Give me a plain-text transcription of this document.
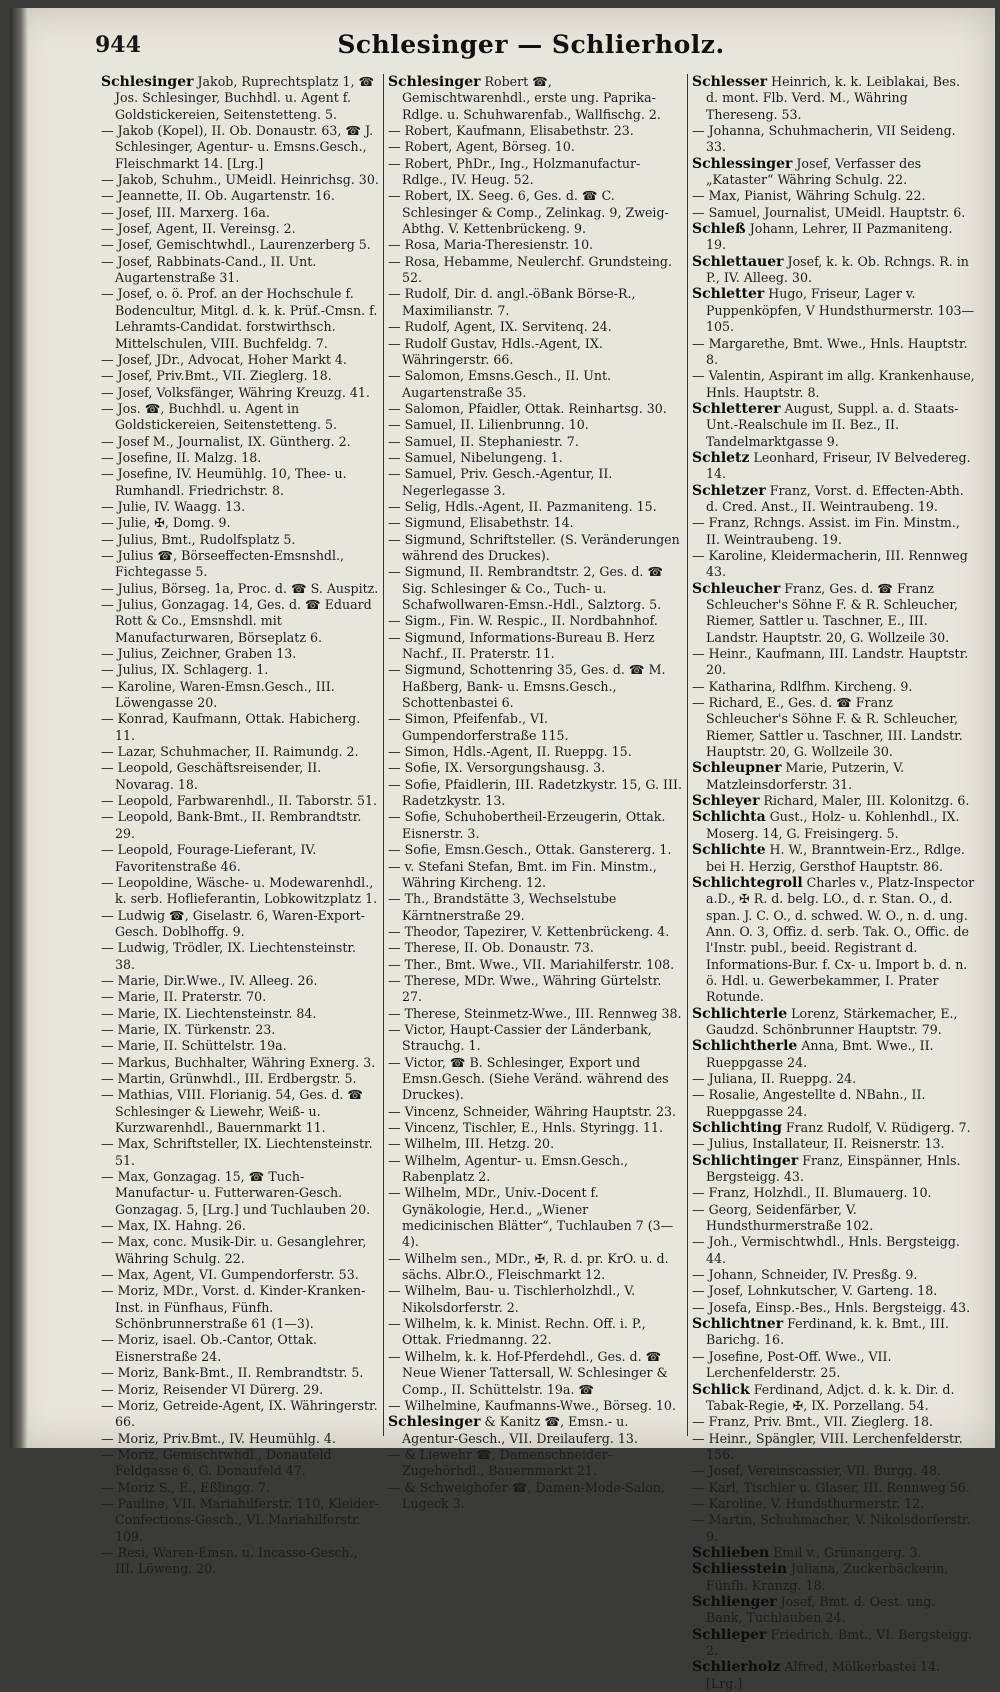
944	Schlesinger — Schlierholz.
Schlesinger Jakob, Ruprechtsplatz 1, ☎ Jos. Schlesinger, Buchhdl. u. Agent f. Goldstickereien, Seitenstetteng. 5.
— Jakob (Kopel), II. Ob. Donaustr. 63, ☎ J. Schlesinger, Agentur- u. Emsns.Gesch., Fleischmarkt 14. [Lrg.]
— Jakob, Schuhm., UMeidl. Heinrichsg. 30.
— Jeannette, II. Ob. Augartenstr. 16.
— Josef, III. Marxerg. 16a.
— Josef, Agent, II. Vereinsg. 2.
— Josef, Gemischtwhdl., Laurenzerberg 5.
— Josef, Rabbinats-Cand., II. Unt. Augartenstraße 31.
— Josef, o. ö. Prof. an der Hochschule f. Bodencultur, Mitgl. d. k. k. Prüf.-Cmsn. f. Lehramts-Candidat. forstwirthsch. Mittelschulen, VIII. Buchfeldg. 7.
— Josef, JDr., Advocat, Hoher Markt 4.
— Josef, Priv.Bmt., VII. Zieglerg. 18.
— Josef, Volksfänger, Währing Kreuzg. 41.
— Jos. ☎, Buchhdl. u. Agent in Goldstickereien, Seitenstetteng. 5.
— Josef M., Journalist, IX. Güntherg. 2.
— Josefine, II. Malzg. 18.
— Josefine, IV. Heumühlg. 10, Thee- u. Rumhandl. Friedrichstr. 8.
— Julie, IV. Waagg. 13.
— Julie, ✠, Domg. 9.
— Julius, Bmt., Rudolfsplatz 5.
— Julius ☎, Börseeffecten-Emsnshdl., Fichtegasse 5.
— Julius, Börseg. 1a, Proc. d. ☎ S. Auspitz.
— Julius, Gonzagag. 14, Ges. d. ☎ Eduard Rott & Co., Emsnshdl. mit Manufacturwaren, Börseplatz 6.
— Julius, Zeichner, Graben 13.
— Julius, IX. Schlagerg. 1.
— Karoline, Waren-Emsn.Gesch., III. Löwengasse 20.
— Konrad, Kaufmann, Ottak. Habicherg. 11.
— Lazar, Schuhmacher, II. Raimundg. 2.
— Leopold, Geschäftsreisender, II. Novarag. 18.
— Leopold, Farbwarenhdl., II. Taborstr. 51.
— Leopold, Bank-Bmt., II. Rembrandtstr. 29.
— Leopold, Fourage-Lieferant, IV. Favoritenstraße 46.
— Leopoldine, Wäsche- u. Modewarenhdl., k. serb. Hoflieferantin, Lobkowitzplatz 1.
— Ludwig ☎, Giselastr. 6, Waren-Export-Gesch. Doblhoffg. 9.
— Ludwig, Trödler, IX. Liechtensteinstr. 38.
— Marie, Dir.Wwe., IV. Alleeg. 26.
— Marie, II. Praterstr. 70.
— Marie, IX. Liechtensteinstr. 84.
— Marie, IX. Türkenstr. 23.
— Marie, II. Schüttelstr. 19a.
— Markus, Buchhalter, Währing Exnerg. 3.
— Martin, Grünwhdl., III. Erdbergstr. 5.
— Mathias, VIII. Florianig. 54, Ges. d. ☎ Schlesinger & Liewehr, Weiß- u. Kurzwarenhdl., Bauernmarkt 11.
— Max, Schriftsteller, IX. Liechtensteinstr. 51.
— Max, Gonzagag. 15, ☎ Tuch-Manufactur- u. Futterwaren-Gesch. Gonzagag. 5, [Lrg.] und Tuchlauben 20.
— Max, IX. Hahng. 26.
— Max, conc. Musik-Dir. u. Gesanglehrer, Währing Schulg. 22.
— Max, Agent, VI. Gumpendorferstr. 53.
— Moriz, MDr., Vorst. d. Kinder-Kranken-Inst. in Fünfhaus, Fünfh. Schönbrunnerstraße 61 (1—3).
— Moriz, isael. Ob.-Cantor, Ottak. Eisnerstraße 24.
— Moriz, Bank-Bmt., II. Rembrandtstr. 5.
— Moriz, Reisender VI Dürerg. 29.
— Moriz, Getreide-Agent, IX. Währingerstr. 66.
— Moriz, Priv.Bmt., IV. Heumühlg. 4.
— Moriz, Gemischtwhdl., Donaufeld Feldgasse 6, G. Donaufeld 47.
— Moriz S., E., Eßlingg. 7.
— Pauline, VII. Mariahilferstr. 110, Kleider-Confections-Gesch., VI. Mariahilferstr. 109.
— Resi, Waren-Emsn. u. Incasso-Gesch., III. Löweng. 20.
Schlesinger Robert ☎, Gemischtwarenhdl., erste ung. Paprika-Rdlge. u. Schuhwarenfab., Wallfischg. 2.
— Robert, Kaufmann, Elisabethstr. 23.
— Robert, Agent, Börseg. 10.
— Robert, PhDr., Ing., Holzmanufactur-Rdlge., IV. Heug. 52.
— Robert, IX. Seeg. 6, Ges. d. ☎ C. Schlesinger & Comp., Zelinkag. 9, Zweig-Abthg. V. Kettenbrückeng. 9.
— Rosa, Maria-Theresienstr. 10.
— Rosa, Hebamme, Neulerchf. Grundsteing. 52.
— Rudolf, Dir. d. angl.-öBank Börse-R., Maximilianstr. 7.
— Rudolf, Agent, IX. Servitenq. 24.
— Rudolf Gustav, Hdls.-Agent, IX. Währingerstr. 66.
— Salomon, Emsns.Gesch., II. Unt. Augartenstraße 35.
— Salomon, Pfaidler, Ottak. Reinhartsg. 30.
— Samuel, II. Lilienbrunng. 10.
— Samuel, II. Stephaniestr. 7.
— Samuel, Nibelungeng. 1.
— Samuel, Priv. Gesch.-Agentur, II. Negerlegasse 3.
— Selig, Hdls.-Agent, II. Pazmaniteng. 15.
— Sigmund, Elisabethstr. 14.
— Sigmund, Schriftsteller. (S. Veränderungen während des Druckes).
— Sigmund, II. Rembrandtstr. 2, Ges. d. ☎ Sig. Schlesinger & Co., Tuch- u. Schafwollwaren-Emsn.-Hdl., Salztorg. 5.
— Sigm., Fin. W. Respic., II. Nordbahnhof.
— Sigmund, Informations-Bureau B. Herz Nachf., II. Praterstr. 11.
— Sigmund, Schottenring 35, Ges. d. ☎ M. Haßberg, Bank- u. Emsns.Gesch., Schottenbastei 6.
— Simon, Pfeifenfab., VI. Gumpendorferstraße 115.
— Simon, Hdls.-Agent, II. Rueppg. 15.
— Sofie, IX. Versorgungshausg. 3.
— Sofie, Pfaidlerin, III. Radetzkystr. 15, G. III. Radetzkystr. 13.
— Sofie, Schuhobertheil-Erzeugerin, Ottak. Eisnerstr. 3.
— Sofie, Emsn.Gesch., Ottak. Ganstererg. 1.
— v. Stefani Stefan, Bmt. im Fin. Minstm., Währing Kircheng. 12.
— Th., Brandstätte 3, Wechselstube Kärntnerstraße 29.
— Theodor, Tapezirer, V. Kettenbrückeng. 4.
— Therese, II. Ob. Donaustr. 73.
— Ther., Bmt. Wwe., VII. Mariahilferstr. 108.
— Therese, MDr. Wwe., Währing Gürtelstr. 27.
— Therese, Steinmetz-Wwe., III. Rennweg 38.
— Victor, Haupt-Cassier der Länderbank, Strauchg. 1.
— Victor, ☎ B. Schlesinger, Export und Emsn.Gesch. (Siehe Veränd. während des Druckes).
— Vincenz, Schneider, Währing Hauptstr. 23.
— Vincenz, Tischler, E., Hnls. Styringg. 11.
— Wilhelm, III. Hetzg. 20.
— Wilhelm, Agentur- u. Emsn.Gesch., Rabenplatz 2.
— Wilhelm, MDr., Univ.-Docent f. Gynäkologie, Her.d., „Wiener medicinischen Blätter“, Tuchlauben 7 (3—4).
— Wilhelm sen., MDr., ✠, R. d. pr. KrO. u. d. sächs. Albr.O., Fleischmarkt 12.
— Wilhelm, Bau- u. Tischlerholzhdl., V. Nikolsdorferstr. 2.
— Wilhelm, k. k. Minist. Rechn. Off. i. P., Ottak. Friedmanng. 22.
— Wilhelm, k. k. Hof-Pferdehdl., Ges. d. ☎ Neue Wiener Tattersall, W. Schlesinger & Comp., II. Schüttelstr. 19a. ☎
— Wilhelmine, Kaufmanns-Wwe., Börseg. 10.
Schlesinger & Kanitz ☎, Emsn.- u. Agentur-Gesch., VII. Dreilauferg. 13.
— & Liewehr ☎, Damenschneider-Zugehörhdl., Bauernmarkt 21.
— & Schweighofer ☎, Damen-Mode-Salon, Lugeck 3.
Schlesser Heinrich, k. k. Leiblakai, Bes. d. mont. Flb. Verd. M., Währing Thereseng. 53.
— Johanna, Schuhmacherin, VII Seideng. 33.
Schlessinger Josef, Verfasser des „Kataster“ Währing Schulg. 22.
— Max, Pianist, Währing Schulg. 22.
— Samuel, Journalist, UMeidl. Hauptstr. 6.
Schleß Johann, Lehrer, II Pazmaniteng. 19.
Schlettauer Josef, k. k. Ob. Rchngs. R. in P., IV. Alleeg. 30.
Schletter Hugo, Friseur, Lager v. Puppenköpfen, V Hundsthurmerstr. 103—105.
— Margarethe, Bmt. Wwe., Hnls. Hauptstr. 8.
— Valentin, Aspirant im allg. Krankenhause, Hnls. Hauptstr. 8.
Schletterer August, Suppl. a. d. Staats-Unt.-Realschule im II. Bez., II. Tandelmarktgasse 9.
Schletz Leonhard, Friseur, IV Belvedereg. 14.
Schletzer Franz, Vorst. d. Effecten-Abth. d. Cred. Anst., II. Weintraubeng. 19.
— Franz, Rchngs. Assist. im Fin. Minstm., II. Weintraubeng. 19.
— Karoline, Kleidermacherin, III. Rennweg 43.
Schleucher Franz, Ges. d. ☎ Franz Schleucher's Söhne F. & R. Schleucher, Riemer, Sattler u. Taschner, E., III. Landstr. Hauptstr. 20, G. Wollzeile 30.
— Heinr., Kaufmann, III. Landstr. Hauptstr. 20.
— Katharina, Rdlfhm. Kircheng. 9.
— Richard, E., Ges. d. ☎ Franz Schleucher's Söhne F. & R. Schleucher, Riemer, Sattler u. Taschner, III. Landstr. Hauptstr. 20, G. Wollzeile 30.
Schleupner Marie, Putzerin, V. Matzleinsdorferstr. 31.
Schleyer Richard, Maler, III. Kolonitzg. 6.
Schlichta Gust., Holz- u. Kohlenhdl., IX. Moserg. 14, G. Freisingerg. 5.
Schlichte H. W., Branntwein-Erz., Rdlge. bei H. Herzig, Gersthof Hauptstr. 86.
Schlichtegroll Charles v., Platz-Inspector a.D., ✠ R. d. belg. LO., d. r. Stan. O., d. span. J. C. O., d. schwed. W. O., n. d. ung. Ann. O. 3, Offiz. d. serb. Tak. O., Offic. de l'Instr. publ., beeid. Registrant d. Informations-Bur. f. Cx- u. Import b. d. n. ö. Hdl. u. Gewerbekammer, I. Prater Rotunde.
Schlichterle Lorenz, Stärkemacher, E., Gaudzd. Schönbrunner Hauptstr. 79.
Schlichtherle Anna, Bmt. Wwe., II. Rueppgasse 24.
— Juliana, II. Rueppg. 24.
— Rosalie, Angestellte d. NBahn., II. Rueppgasse 24.
Schlichting Franz Rudolf, V. Rüdigerg. 7.
— Julius, Installateur, II. Reisnerstr. 13.
Schlichtinger Franz, Einspänner, Hnls. Bergsteigg. 43.
— Franz, Holzhdl., II. Blumauerg. 10.
— Georg, Seidenfärber, V. Hundsthurmerstraße 102.
— Joh., Vermischtwhdl., Hnls. Bergsteigg. 44.
— Johann, Schneider, IV. Presßg. 9.
— Josef, Lohnkutscher, V. Garteng. 18.
— Josefa, Einsp.-Bes., Hnls. Bergsteigg. 43.
Schlichtner Ferdinand, k. k. Bmt., III. Barichg. 16.
— Josefine, Post-Off. Wwe., VII. Lerchenfelderstr. 25.
Schlick Ferdinand, Adjct. d. k. k. Dir. d. Tabak-Regie, ✠, IX. Porzellang. 54.
— Franz, Priv. Bmt., VII. Zieglerg. 18.
— Heinr., Spängler, VIII. Lerchenfelderstr. 156.
— Josef, Vereinscassier, VII. Burgg. 48.
— Karl, Tischler u. Glaser, III. Rennweg 56.
— Karoline, V. Hundsthurmerstr. 12.
— Martin, Schuhmacher, V. Nikolsdorferstr. 9.
Schlieben Emil v., Grünangerg. 3.
Schliesstein Juliana, Zuckerbäckerin, Fünfh. Kranzg. 18.
Schlienger Josef, Bmt. d. Oest. ung. Bank, Tuchlauben 24.
Schlieper Friedrich, Bmt., VI. Bergsteigg. 2.
Schlierholz Alfred, Mölkerbastei 14. [Lrg.]
